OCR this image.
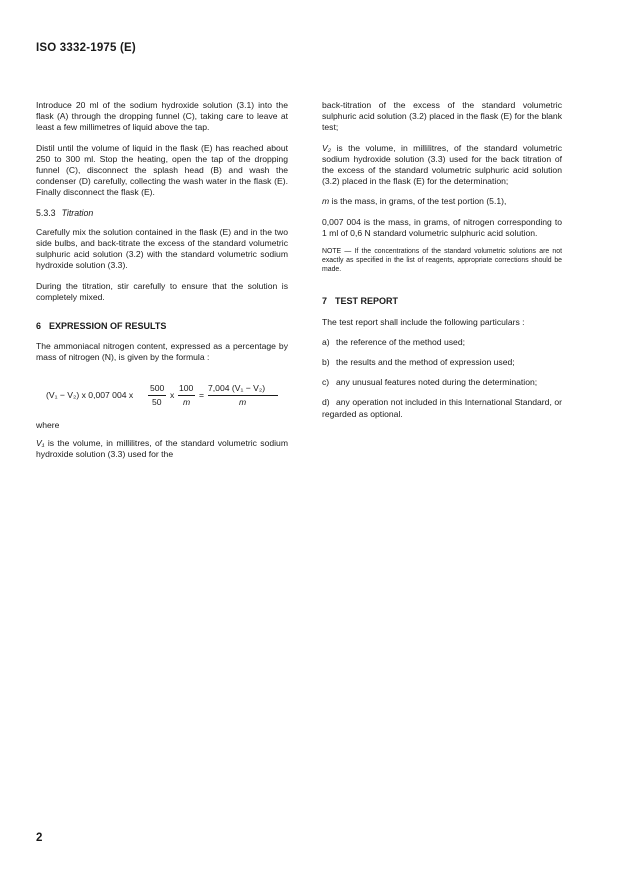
ISO 3332-1975 (E)

Introduce 20 ml of the sodium hydroxide solution (3.1) into the flask (A) through the dropping funnel (C), taking care to leave at least a few millimetres of liquid above the tap.

Distil until the volume of liquid in the flask (E) has reached about 250 to 300 ml. Stop the heating, open the tap of the dropping funnel (C), disconnect the splash head (B) and wash the condenser (D) carefully, collecting the wash water in the flask (E). Finally disconnect the flask (E).

5.3.3 Titration

Carefully mix the solution contained in the flask (E) and in the two side bulbs, and back-titrate the excess of the standard volumetric sulphuric acid solution (3.2) with the standard volumetric sodium hydroxide solution (3.3).

During the titration, stir carefully to ensure that the solution is completely mixed.

6 EXPRESSION OF RESULTS

The ammoniacal nitrogen content, expressed as a percentage by mass of nitrogen (N), is given by the formula :

(V₁ − V₂) x 0,007 004 x
500
50
x
100
m
=
7,004 (V₁ − V₂)
m

where

V₁ is the volume, in millilitres, of the standard volumetric sodium hydroxide solution (3.3) used for the

back-titration of the excess of the standard volumetric sulphuric acid solution (3.2) placed in the flask (E) for the blank test;

V₂ is the volume, in millilitres, of the standard volumetric sodium hydroxide solution (3.3) used for the back titration of the excess of the standard volumetric sulphuric acid solution (3.2) placed in the flask (E) for the determination;

m is the mass, in grams, of the test portion (5.1),

0,007 004 is the mass, in grams, of nitrogen corresponding to 1 ml of 0,6 N standard volumetric sulphuric acid solution.

NOTE — If the concentrations of the standard volumetric solutions are not exactly as specified in the list of reagents, appropriate corrections should be made.

7 TEST REPORT

The test report shall include the following particulars :

a) the reference of the method used;

b) the results and the method of expression used;

c) any unusual features noted during the determination;

d) any operation not included in this International Standard, or regarded as optional.

2
